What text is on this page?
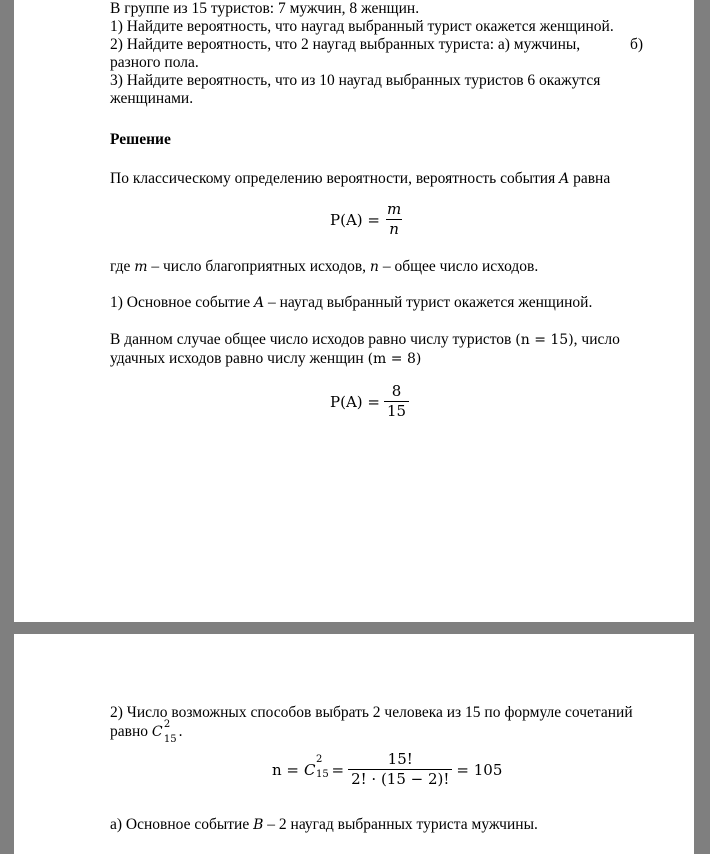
В группе из 15 туристов: 7 мужчин, 8 женщин.
1) Найдите вероятность, что наугад выбранный турист окажется женщиной.
2) Найдите вероятность, что 2 наугад выбранных туриста: а) мужчины,	б)
разного пола.
3) Найдите вероятность, что из 10 наугад выбранных туристов 6 окажутся
женщинами.
Решение
По классическому определению вероятности, вероятность события A равна
$P(A) = \frac{m}{n}$
где m – число благоприятных исходов, n – общее число исходов.
1) Основное событие A – наугад выбранный турист окажется женщиной.
В данном случае общее число исходов равно числу туристов (n = 15), число
удачных исходов равно числу женщин (m = 8)
$P(A) = \frac{8}{15}$
2) Число возможных способов выбрать 2 человека из 15 по формуле сочетаний
равно C 2
15 .
n = C
2
$15 = \frac{15!}{2! \cdot (15 - 2)!} = 105$
а) Основное событие B – 2 наугад выбранных туриста мужчины.
